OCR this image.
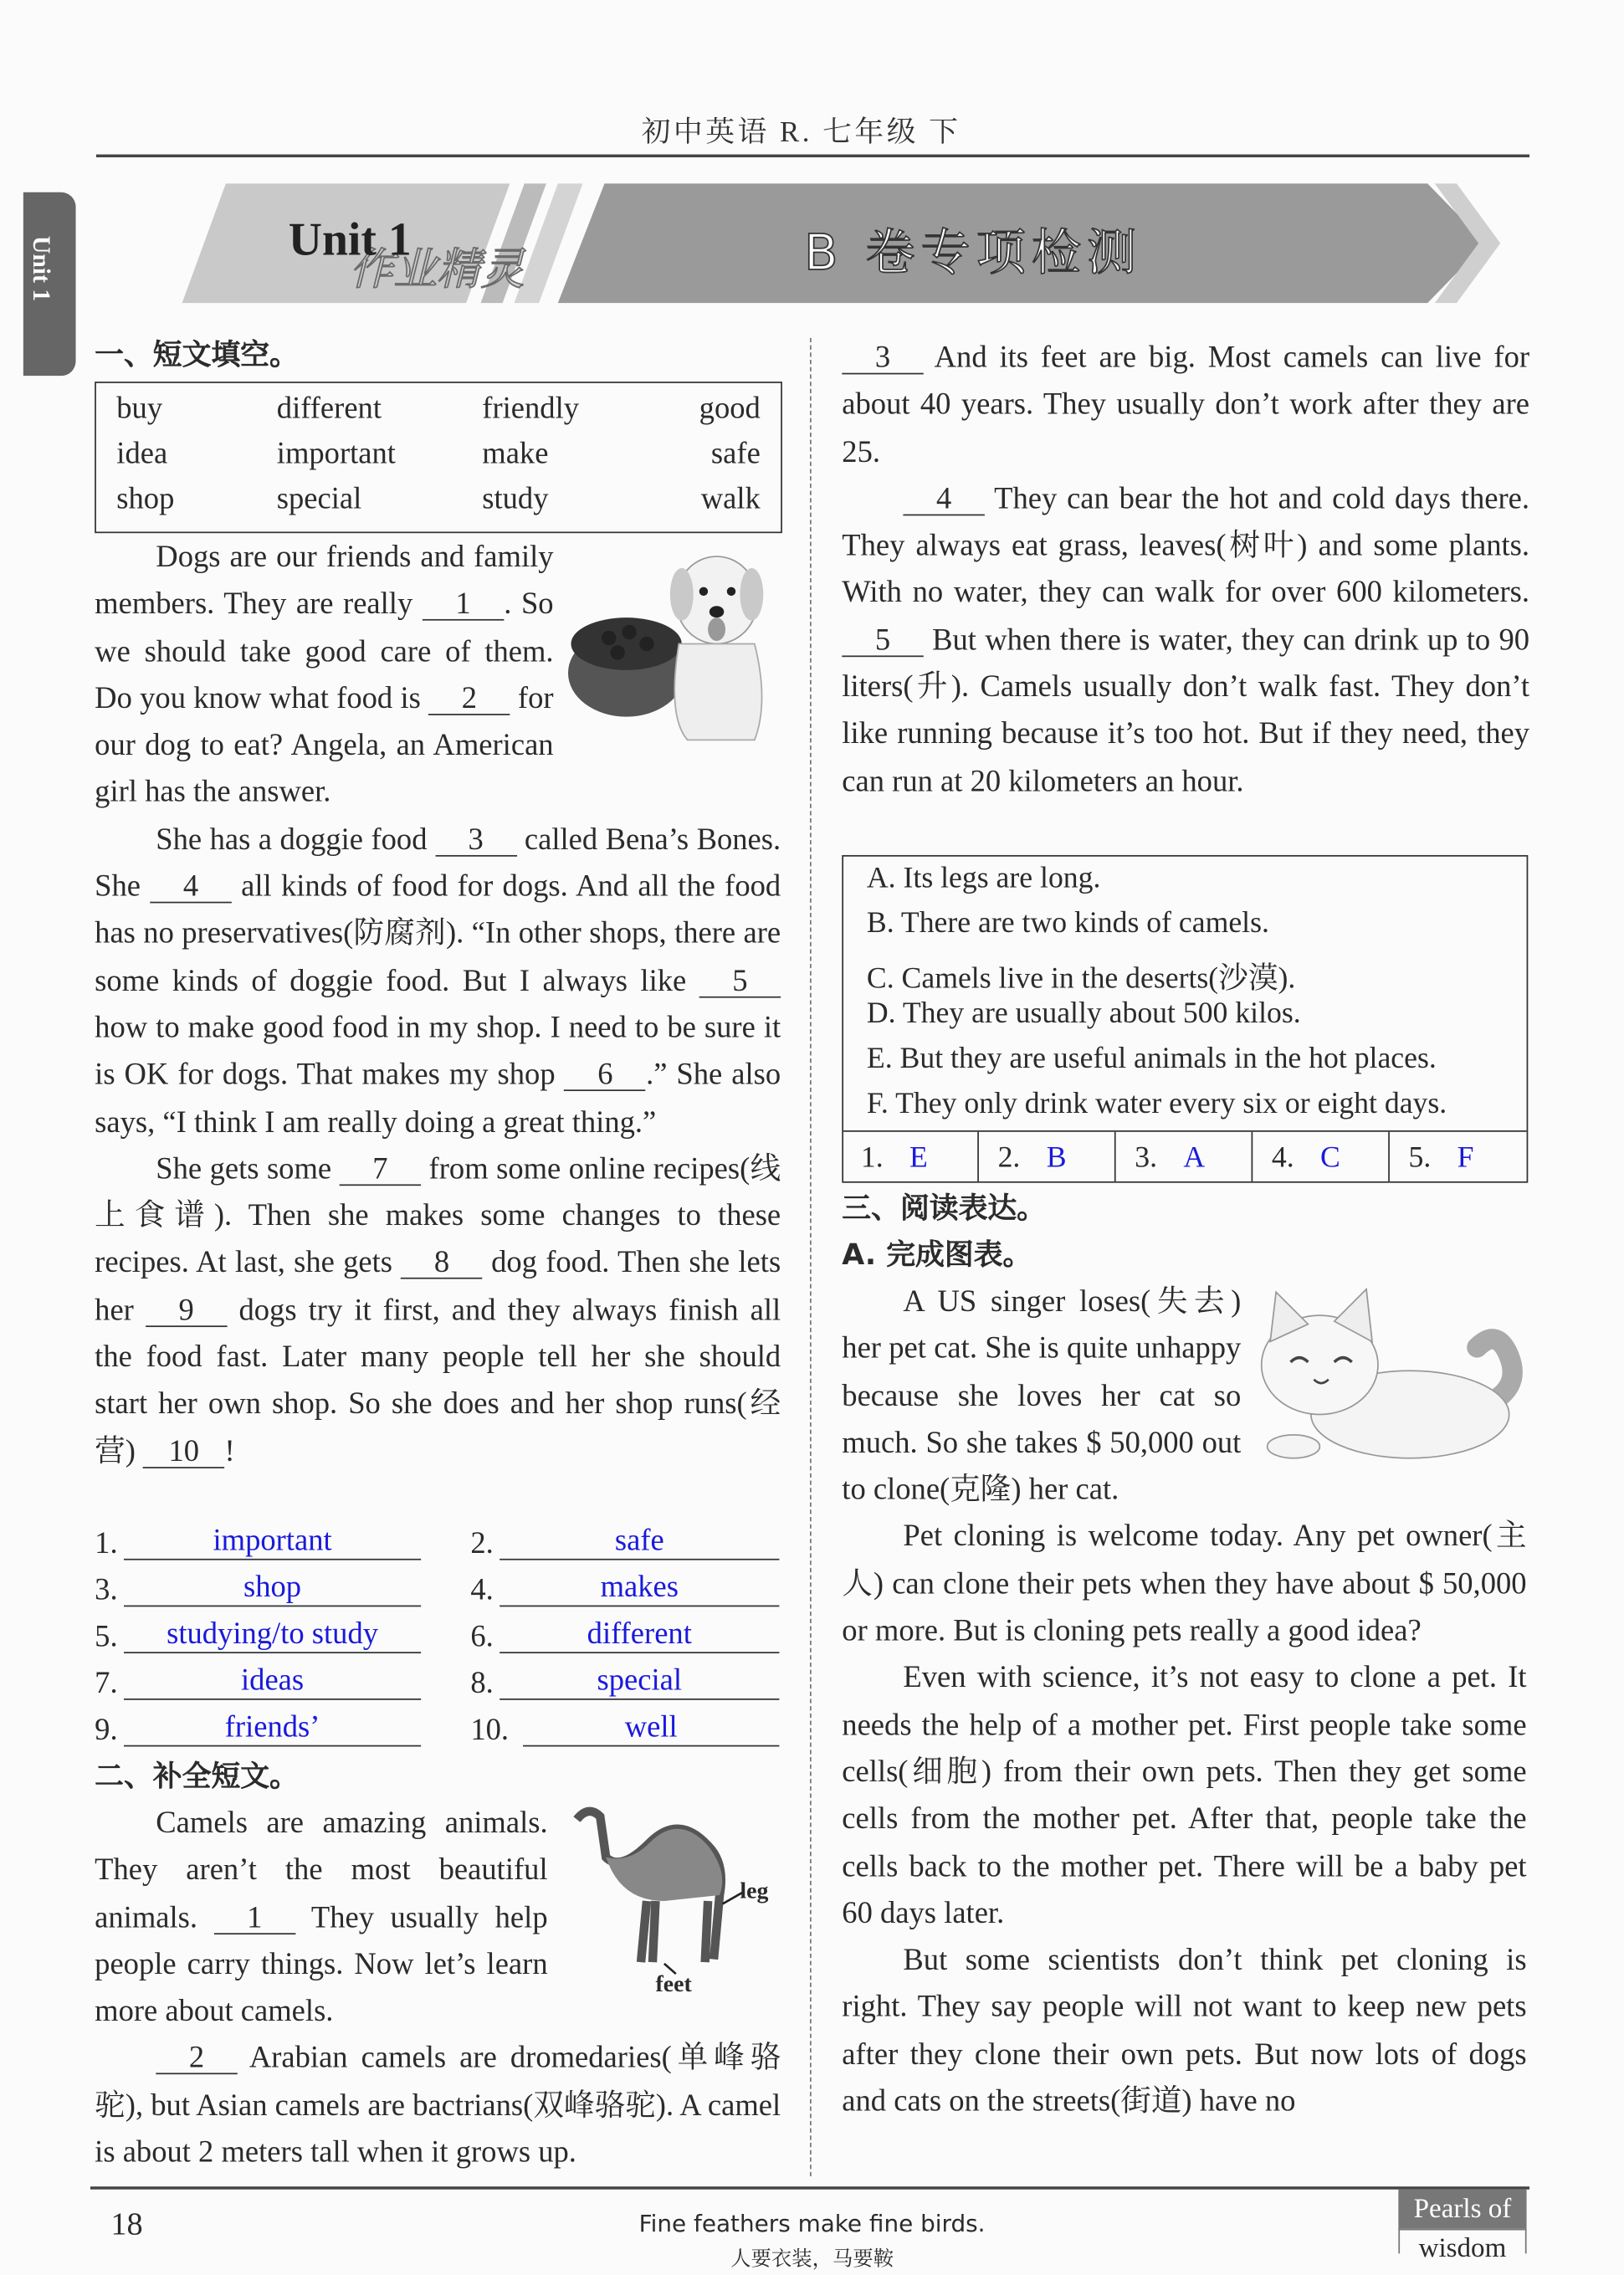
初中英语 R. 七年级 下
Unit 1	作业精灵
Unit 1	B 卷专项检测
一、短文填空。
buy	different	friendly	good
idea	important	make	safe
shop	special	study	walk

Dogs are our friends and family members. They are really 1 . So we should take good care of them. Do you know what food is 2 for our dog to eat? Angela, an American girl has the answer.

She has a doggie food 3 called Bena’s Bones. She 4 all kinds of food for dogs. And all the food has no preservatives(防腐剂). “In other shops, there are some kinds of doggie food. But I always like 5 how to make good food in my shop. I need to be sure it is OK for dogs. That makes my shop 6 .” She also says, “I think I am really doing a great thing.”

She gets some 7 from some online recipes(线上食谱). Then she makes some changes to these recipes. At last, she gets 8 dog food. Then she lets her 9 dogs try it first, and they always finish all the food fast. Later many people tell her she should start her own shop. So she does and her shop runs(经营) 10 !

1.	important	2.	safe
3.	shop	4.	makes
5.	studying/to study	6.	different
7.	ideas	8.	special
9.	friends’	10.	well
二、补全短文。
leg
feet

Camels are amazing animals. They aren’t the most beautiful animals. 1 They usually help people carry things. Now let’s learn more about camels.

2 Arabian camels are dromedaries(单峰骆驼), but Asian camels are bactrians(双峰骆驼). A camel is about 2 meters tall when it grows up.

3 And its feet are big. Most camels can live for about 40 years. They usually don’t work after they are 25.

4 They can bear the hot and cold days there. They always eat grass, leaves(树叶) and some plants. With no water, they can walk for over 600 kilometers. 5 But when there is water, they can drink up to 90 liters(升). Camels usually don’t walk fast. They don’t like running because it’s too hot. But if they need, they can run at 20 kilometers an hour.

A. Its legs are long.
B. There are two kinds of camels.
C. Camels live in the deserts(沙漠).
D. They are usually about 500 kilos.
E. But they are useful animals in the hot places.
F. They only drink water every six or eight days.
1. E	2. B	3. A	4. C	5. F
三、阅读表达。
A. 完成图表。

A US singer loses(失去) her pet cat. She is quite unhappy because she loves her cat so much. So she takes $ 50,000 out to clone(克隆) her cat.

Pet cloning is welcome today. Any pet owner(主人) can clone their pets when they have about $ 50,000 or more. But is cloning pets really a good idea?

Even with science, it’s not easy to clone a pet. It needs the help of a mother pet. First people take some cells(细胞) from their own pets. Then they get some cells from the mother pet. After that, people take the cells back to the mother pet. There will be a baby pet 60 days later.

But some scientists don’t think pet cloning is right. They say people will not want to keep new pets after they clone their own pets. But now lots of dogs and cats on the streets(街道) have no

18	Fine feathers make fine birds.
人要衣装，马要鞍
Pearls of
wisdom
